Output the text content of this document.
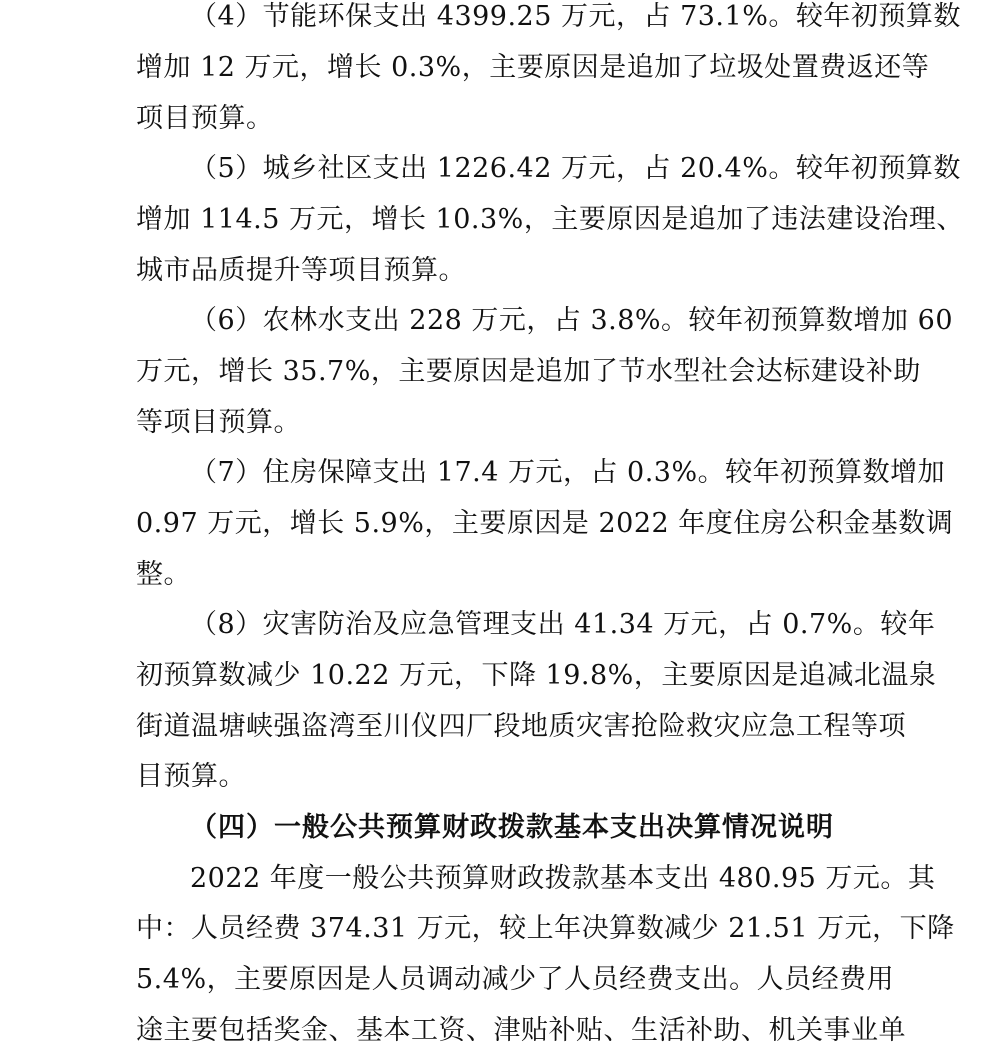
（4）节能环保支出 4399.25 万元，占 73.1%。较年初预算数
增加 12 万元，增长 0.3%，主要原因是追加了垃圾处置费返还等
项目预算。
（5）城乡社区支出 1226.42 万元，占 20.4%。较年初预算数
增加 114.5 万元，增长 10.3%，主要原因是追加了违法建设治理、
城市品质提升等项目预算。
（6）农林水支出 228 万元，占 3.8%。较年初预算数增加 60
万元，增长 35.7%，主要原因是追加了节水型社会达标建设补助
等项目预算。
（7）住房保障支出 17.4 万元，占 0.3%。较年初预算数增加
0.97 万元，增长 5.9%，主要原因是 2022 年度住房公积金基数调
整。
（8）灾害防治及应急管理支出 41.34 万元，占 0.7%。较年
初预算数减少 10.22 万元，下降 19.8%，主要原因是追减北温泉
街道温塘峡强盗湾至川仪四厂段地质灾害抢险救灾应急工程等项
目预算。
（四）一般公共预算财政拨款基本支出决算情况说明
2022 年度一般公共预算财政拨款基本支出 480.95 万元。其
中：人员经费 374.31 万元，较上年决算数减少 21.51 万元，下降
5.4%，主要原因是人员调动减少了人员经费支出。人员经费用
途主要包括奖金、基本工资、津贴补贴、生活补助、机关事业单
